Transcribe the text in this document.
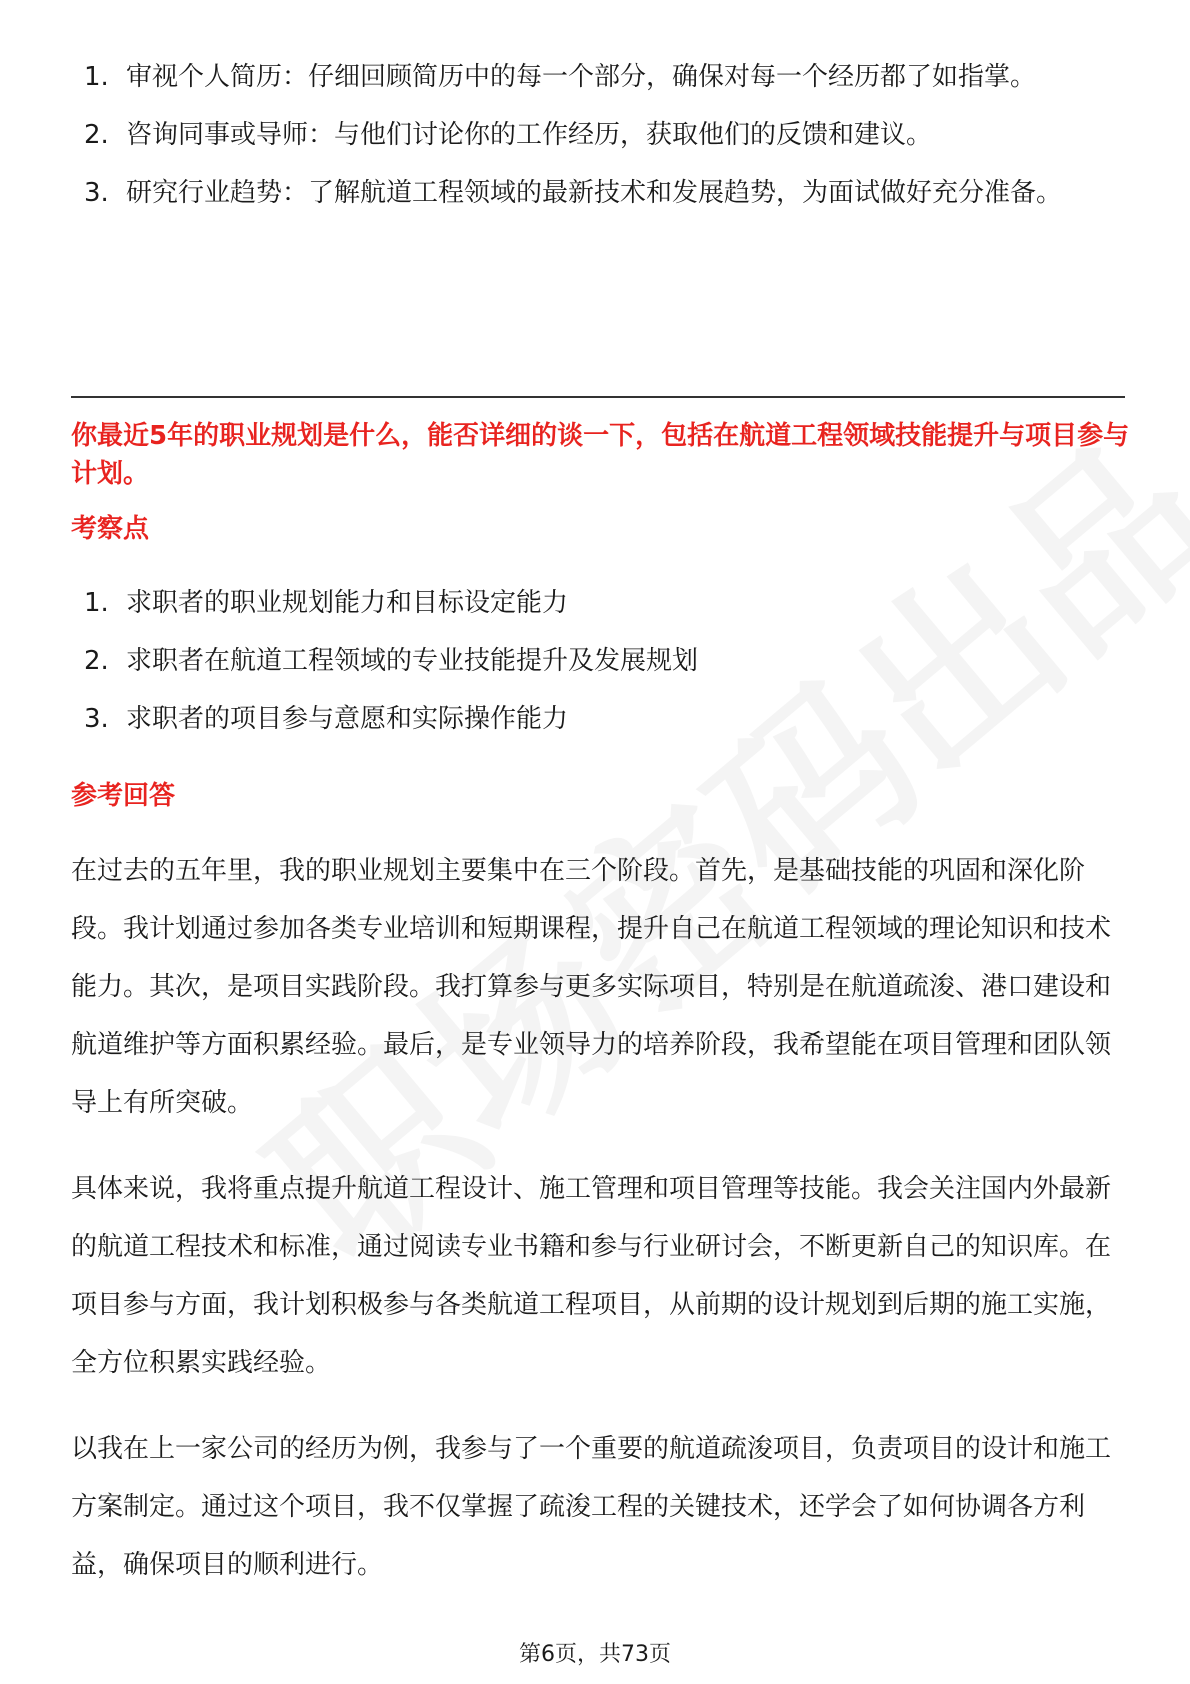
1. 审视个人简历：仔细回顾简历中的每一个部分，确保对每一个经历都了如指掌。
2. 咨询同事或导师：与他们讨论你的工作经历，获取他们的反馈和建议。
3. 研究行业趋势：了解航道工程领域的最新技术和发展趋势，为面试做好充分准备。
你最近5年的职业规划是什么，能否详细的谈一下，包括在航道工程领域技能提升与项目参与计划。
考察点
1. 求职者的职业规划能力和目标设定能力
2. 求职者在航道工程领域的专业技能提升及发展规划
3. 求职者的项目参与意愿和实际操作能力
参考回答

在过去的五年里，我的职业规划主要集中在三个阶段。首先，是基础技能的巩固和深化阶段。我计划通过参加各类专业培训和短期课程，提升自己在航道工程领域的理论知识和技术能力。其次，是项目实践阶段。我打算参与更多实际项目，特别是在航道疏浚、港口建设和航道维护等方面积累经验。最后，是专业领导力的培养阶段，我希望能在项目管理和团队领导上有所突破。

具体来说，我将重点提升航道工程设计、施工管理和项目管理等技能。我会关注国内外最新的航道工程技术和标准，通过阅读专业书籍和参与行业研讨会，不断更新自己的知识库。在项目参与方面，我计划积极参与各类航道工程项目，从前期的设计规划到后期的施工实施，全方位积累实践经验。

以我在上一家公司的经历为例，我参与了一个重要的航道疏浚项目，负责项目的设计和施工方案制定。通过这个项目，我不仅掌握了疏浚工程的关键技术，还学会了如何协调各方利益，确保项目的顺利进行。

第6页，共73页
